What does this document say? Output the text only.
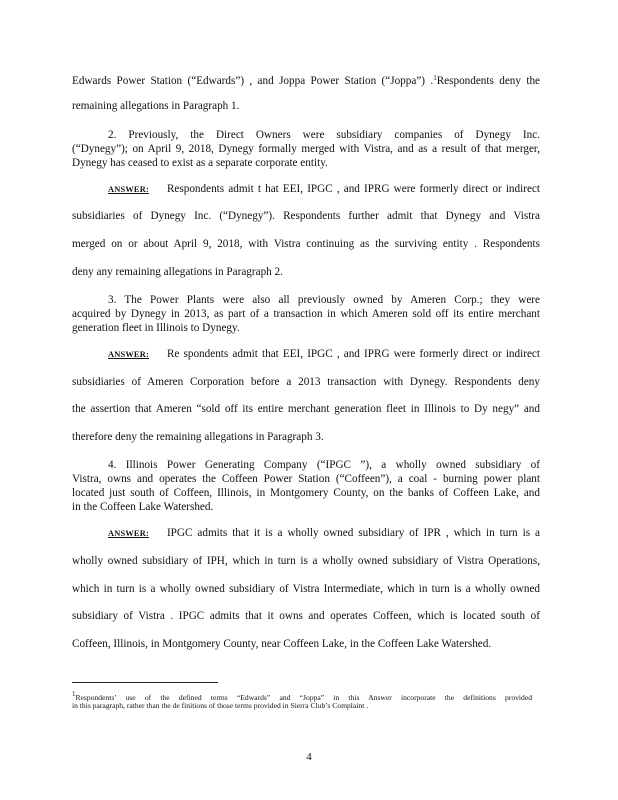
Edwards Power Station (“Edwards”) , and Joppa Power Station (“Joppa”) .$^1$Respondents deny the
remaining allegations in Paragraph 1.
2. Previously, the Direct Owners were subsidiary companies of Dynegy Inc.
(“Dynegy”); on April 9, 2018, Dynegy formally merged with Vistra, and as a result of that merger,
Dynegy has ceased to exist as a separate corporate entity.
ANSWER: Respondents admit t hat EEI, IPGC , and IPRG were formerly direct or indirect
subsidiaries of Dynegy Inc. (“Dynegy”). Respondents further admit that Dynegy and Vistra
merged on or about April 9, 2018, with Vistra continuing as the surviving entity . Respondents
deny any remaining allegations in Paragraph 2.
3. The Power Plants were also all previously owned by Ameren Corp.; they were
acquired by Dynegy in 2013, as part of a transaction in which Ameren sold off its entire merchant
generation fleet in Illinois to Dynegy.
ANSWER: Re spondents admit that EEI, IPGC , and IPRG were formerly direct or indirect
subsidiaries of Ameren Corporation before a 2013 transaction with Dynegy. Respondents deny
the assertion that Ameren “sold off its entire merchant generation fleet in Illinois to Dy negy” and
therefore deny the remaining allegations in Paragraph 3.
4. Illinois Power Generating Company (“IPGC ”), a wholly owned subsidiary of
Vistra, owns and operates the Coffeen Power Station (“Coffeen”), a coal - burning power plant
located just south of Coffeen, Illinois, in Montgomery County, on the banks of Coffeen Lake, and
in the Coffeen Lake Watershed.
ANSWER: IPGC admits that it is a wholly owned subsidiary of IPR , which in turn is a
wholly owned subsidiary of IPH, which in turn is a wholly owned subsidiary of Vistra Operations,
which in turn is a wholly owned subsidiary of Vistra Intermediate, which in turn is a wholly owned
subsidiary of Vistra . IPGC admits that it owns and operates Coffeen, which is located south of
Coffeen, Illinois, in Montgomery County, near Coffeen Lake, in the Coffeen Lake Watershed.
$^1$Respondents’ use of the defined terms “Edwards” and “Joppa” in this Answer incorporate the definitions provided
in this paragraph, rather than the de finitions of those terms provided in Sierra Club’s Complaint .
4
